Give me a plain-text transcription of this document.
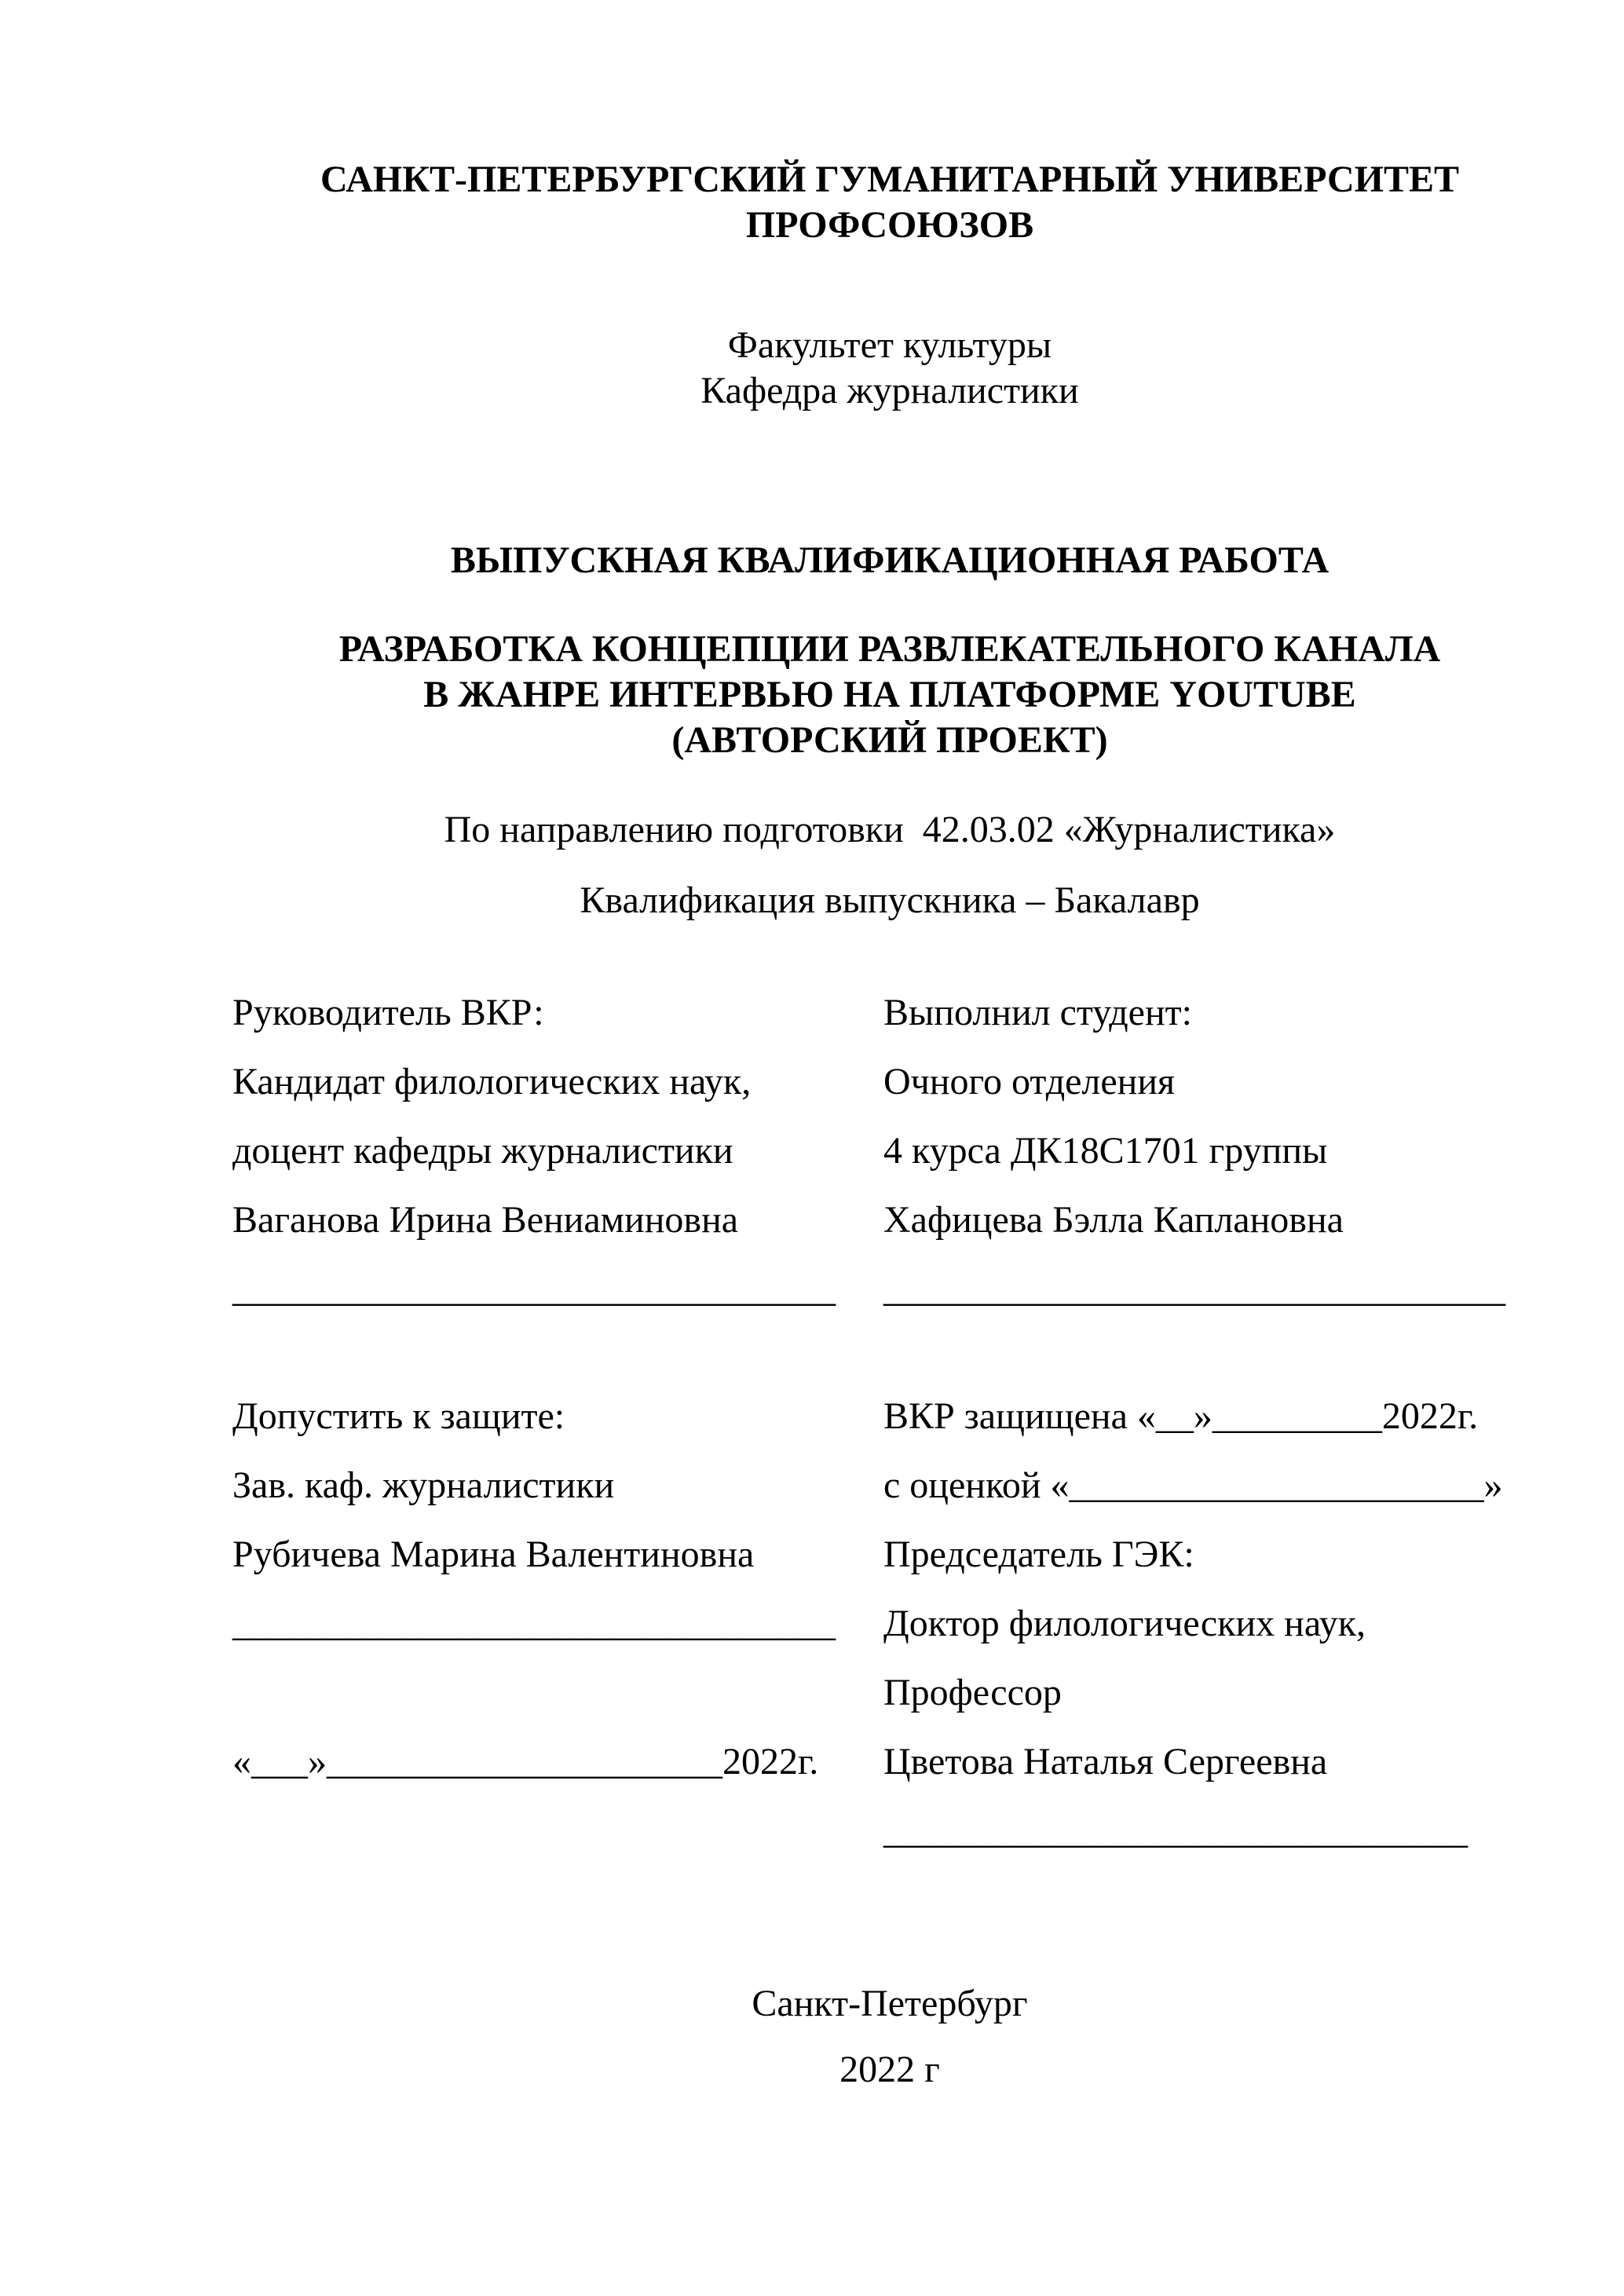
САНКТ-ПЕТЕРБУРГСКИЙ ГУМАНИТАРНЫЙ УНИВЕРСИТЕТ ПРОФСОЮЗОВ
Факультет культуры
Кафедра журналистики
ВЫПУСКНАЯ КВАЛИФИКАЦИОННАЯ РАБОТА
РАЗРАБОТКА КОНЦЕПЦИИ РАЗВЛЕКАТЕЛЬНОГО КАНАЛА
В ЖАНРЕ ИНТЕРВЬЮ НА ПЛАТФОРМЕ YOUTUBE
(АВТОРСКИЙ ПРОЕКТ)
По направлению подготовки  42.03.02 «Журналистика»
Квалификация выпускника – Бакалавр
Руководитель ВКР:
Кандидат филологических наук,
доцент кафедры журналистики
Ваганова Ирина Вениаминовна
________________________________
Выполнил студент:
Очного отделения
4 курса ДК18С1701 группы
Хафицева Бэлла Каплановна
_________________________________
Допустить к защите:
Зав. каф. журналистики
Рубичева Марина Валентиновна
________________________________
«___»_____________________2022г.
ВКР защищена «__»_________2022г.
с оценкой «______________________»
Председатель ГЭК:
Доктор филологических наук,
Профессор
Цветова Наталья Сергеевна
_______________________________
Санкт-Петербург
2022 г
